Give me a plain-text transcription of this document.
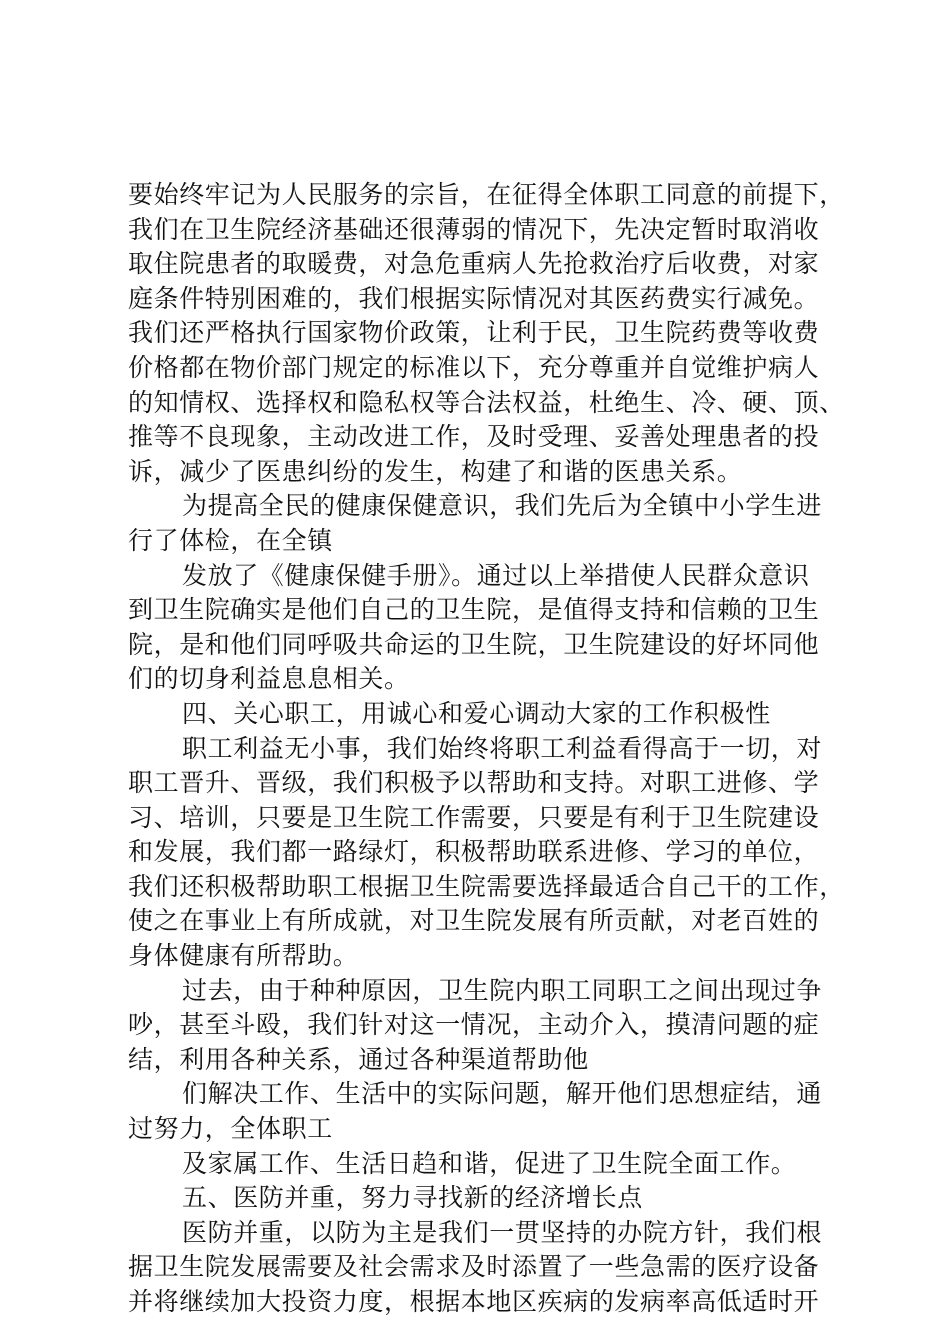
要始终牢记为人民服务的宗旨，在征得全体职工同意的前提下，
我们在卫生院经济基础还很薄弱的情况下，先决定暂时取消收
取住院患者的取暖费，对急危重病人先抢救治疗后收费，对家
庭条件特别困难的，我们根据实际情况对其医药费实行减免。
我们还严格执行国家物价政策，让利于民，卫生院药费等收费
价格都在物价部门规定的标准以下，充分尊重并自觉维护病人
的知情权、选择权和隐私权等合法权益，杜绝生、冷、硬、顶、
推等不良现象，主动改进工作，及时受理、妥善处理患者的投
诉，减少了医患纠纷的发生，构建了和谐的医患关系。
为提高全民的健康保健意识，我们先后为全镇中小学生进
行了体检，在全镇
发放了《健康保健手册》。通过以上举措使人民群众意识
到卫生院确实是他们自己的卫生院，是值得支持和信赖的卫生
院，是和他们同呼吸共命运的卫生院，卫生院建设的好坏同他
们的切身利益息息相关。
四、关心职工，用诚心和爱心调动大家的工作积极性
职工利益无小事，我们始终将职工利益看得高于一切，对
职工晋升、晋级，我们积极予以帮助和支持。对职工进修、学
习、培训，只要是卫生院工作需要，只要是有利于卫生院建设
和发展，我们都一路绿灯，积极帮助联系进修、学习的单位，
我们还积极帮助职工根据卫生院需要选择最适合自己干的工作，
使之在事业上有所成就，对卫生院发展有所贡献，对老百姓的
身体健康有所帮助。
过去，由于种种原因，卫生院内职工同职工之间出现过争
吵，甚至斗殴，我们针对这一情况，主动介入，摸清问题的症
结，利用各种关系，通过各种渠道帮助他
们解决工作、生活中的实际问题，解开他们思想症结，通
过努力，全体职工
及家属工作、生活日趋和谐，促进了卫生院全面工作。
五、医防并重，努力寻找新的经济增长点
医防并重，以防为主是我们一贯坚持的办院方针，我们根
据卫生院发展需要及社会需求及时添置了一些急需的医疗设备
并将继续加大投资力度，根据本地区疾病的发病率高低适时开
